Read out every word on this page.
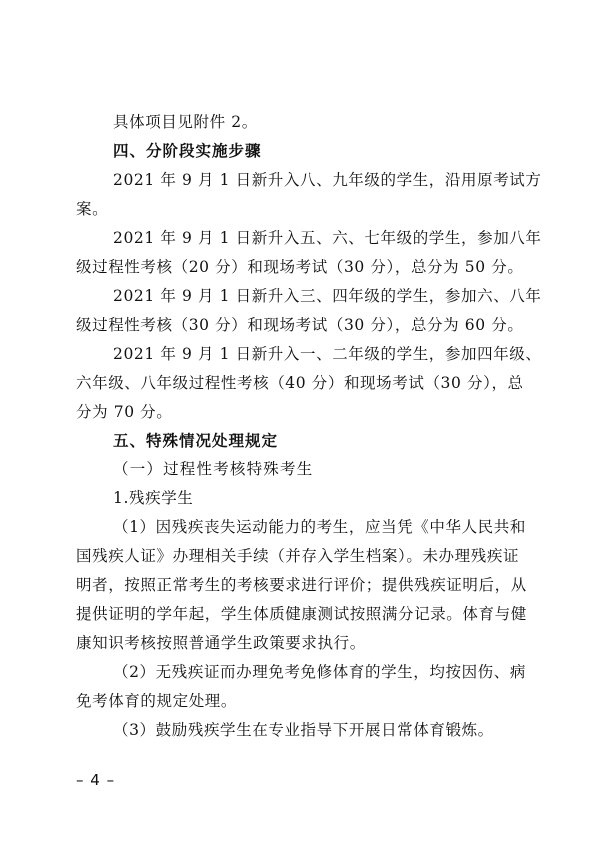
具体项目见附件 2。
四、分阶段实施步骤
2021 年 9 月 1 日新升入八、九年级的学生，沿用原考试方
案。
2021 年 9 月 1 日新升入五、六、七年级的学生，参加八年
级过程性考核（20 分）和现场考试（30 分），总分为 50 分。
2021 年 9 月 1 日新升入三、四年级的学生，参加六、八年
级过程性考核（30 分）和现场考试（30 分），总分为 60 分。
2021 年 9 月 1 日新升入一、二年级的学生，参加四年级、
六年级、八年级过程性考核（40 分）和现场考试（30 分），总
分为 70 分。
五、特殊情况处理规定
（一）过程性考核特殊考生
1.残疾学生
（1）因残疾丧失运动能力的考生，应当凭《中华人民共和
国残疾人证》办理相关手续（并存入学生档案）。未办理残疾证
明者，按照正常考生的考核要求进行评价；提供残疾证明后，从
提供证明的学年起，学生体质健康测试按照满分记录。体育与健
康知识考核按照普通学生政策要求执行。
（2）无残疾证而办理免考免修体育的学生，均按因伤、病
免考体育的规定处理。
（3）鼓励残疾学生在专业指导下开展日常体育锻炼。
– 4 –
